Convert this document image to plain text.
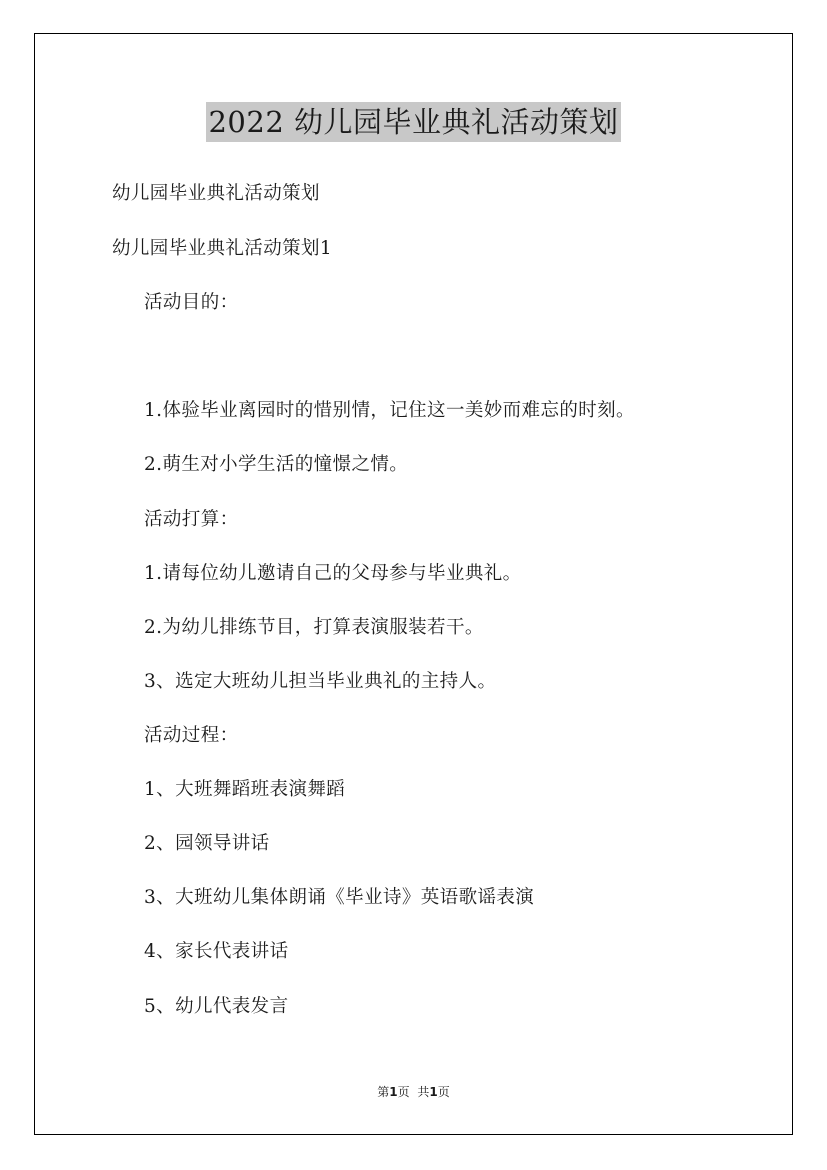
2022 幼儿园毕业典礼活动策划
幼儿园毕业典礼活动策划
幼儿园毕业典礼活动策划1
活动目的：
1.体验毕业离园时的惜别情，记住这一美妙而难忘的时刻。
2.萌生对小学生活的憧憬之情。
活动打算：
1.请每位幼儿邀请自己的父母参与毕业典礼。
2.为幼儿排练节目，打算表演服装若干。
3、选定大班幼儿担当毕业典礼的主持人。
活动过程：
1、大班舞蹈班表演舞蹈
2、园领导讲话
3、大班幼儿集体朗诵《毕业诗》英语歌谣表演
4、家长代表讲话
5、幼儿代表发言
第1页 共1页
